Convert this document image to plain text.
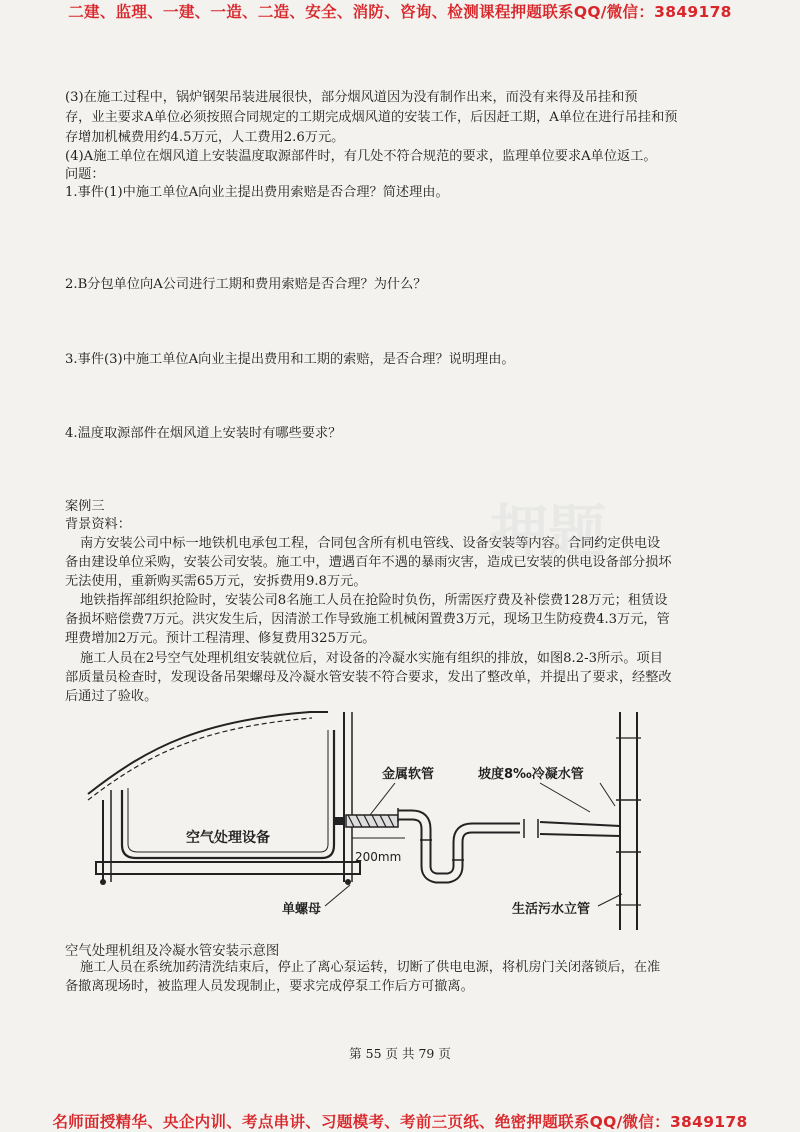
二建、监理、一建、一造、二造、安全、消防、咨询、检测课程押题联系QQ/微信：3849178
押题
(3)在施工过程中，锅炉钢架吊装进展很快，部分烟风道因为没有制作出来，而没有来得及吊挂和预
存，业主要求A单位必须按照合同规定的工期完成烟风道的安装工作，后因赶工期，A单位在进行吊挂和预
存增加机械费用约4.5万元，人工费用2.6万元。
(4)A施工单位在烟风道上安装温度取源部件时，有几处不符合规范的要求，监理单位要求A单位返工。
问题：
1.事件(1)中施工单位A向业主提出费用索赔是否合理？简述理由。
2.B分包单位向A公司进行工期和费用索赔是否合理？为什么？
3.事件(3)中施工单位A向业主提出费用和工期的索赔，是否合理？说明理由。
4.温度取源部件在烟风道上安装时有哪些要求？
案例三
背景资料：
南方安装公司中标一地铁机电承包工程，合同包含所有机电管线、设备安装等内容。合同约定供电设
备由建设单位采购，安装公司安装。施工中，遭遇百年不遇的暴雨灾害，造成已安装的供电设备部分损坏
无法使用，重新购买需65万元，安拆费用9.8万元。
地铁指挥部组织抢险时，安装公司8名施工人员在抢险时负伤，所需医疗费及补偿费128万元；租赁设
备损坏赔偿费7万元。洪灾发生后，因清淤工作导致施工机械闲置费3万元，现场卫生防疫费4.3万元，管
理费增加2万元。预计工程清理、修复费用325万元。
施工人员在2号空气处理机组安装就位后，对设备的冷凝水实施有组织的排放，如图8.2-3所示。项目
部质量员检查时，发现设备吊架螺母及冷凝水管安装不符合要求，发出了整改单，并提出了要求，经整改
后通过了验收。
金属软管	坡度8‰冷凝水管
空气处理设备
200mm
单螺母	生活污水立管
空气处理机组及冷凝水管安装示意图
施工人员在系统加药清洗结束后，停止了离心泵运转，切断了供电电源，将机房门关闭落锁后，在准
备撤离现场时，被监理人员发现制止，要求完成停泵工作后方可撤离。
第 55 页 共 79 页
名师面授精华、央企内训、考点串讲、习题模考、考前三页纸、绝密押题联系QQ/微信：3849178
